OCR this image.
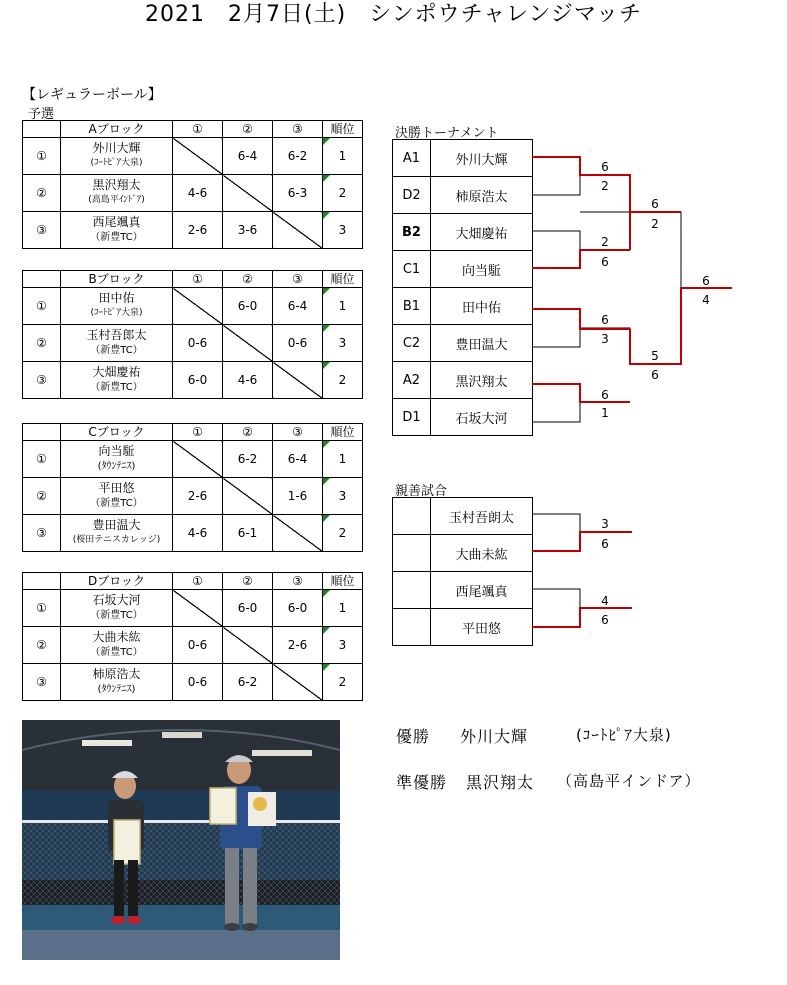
2021　2月7日(土)　シンポウチャレンジマッチ
【レギュラーボール】
予選
	Aブロック	①	②	③	順位
①	外川大輝
(ｺｰﾄﾋﾟｱ大泉)		6-4	6-2	1
②	黒沢翔太
(高島平ｲﾝﾄﾞｱ)	4-6		6-3	2
③	西尾颯真
（新豊TC）	2-6	3-6		3
	Bブロック	①	②	③	順位
①	田中佑
(ｺｰﾄﾋﾟｱ大泉)		6-0	6-4	1
②	玉村吾郎太
（新豊TC）	0-6		0-6	3
③	大畑慶祐
（新豊TC）	6-0	4-6		2
	Cブロック	①	②	③	順位
①	向当駈
(ﾀｳﾝﾃﾆｽ)		6-2	6-4	1
②	平田悠
（新豊TC）	2-6		1-6	3
③	豊田温大
(桜田テニスカレッジ)	4-6	6-1		2
	Dブロック	①	②	③	順位
①	石坂大河
（新豊TC）		6-0	6-0	1
②	大曲未紘
（新豊TC）	0-6		2-6	3
③	柿原浩太
(ﾀｳﾝﾃﾆｽ)	0-6	6-2		2
決勝トーナメント
A1	外川大輝
D2	柿原浩太
B2	大畑慶祐
C1	向当駈
B1	田中佑
C2	豊田温大
A2	黒沢翔太
D1	石坂大河
親善試合
	玉村吾朗太
	大曲未紘
	西尾颯真
	平田悠
6
2
2
6
6
3
6
1
6
2
5
6
6
4
3
6
4
6
優勝 外川大輝	(ｺｰﾄﾋﾟｱ大泉)
準優勝 黒沢翔太 （高島平インドア）
